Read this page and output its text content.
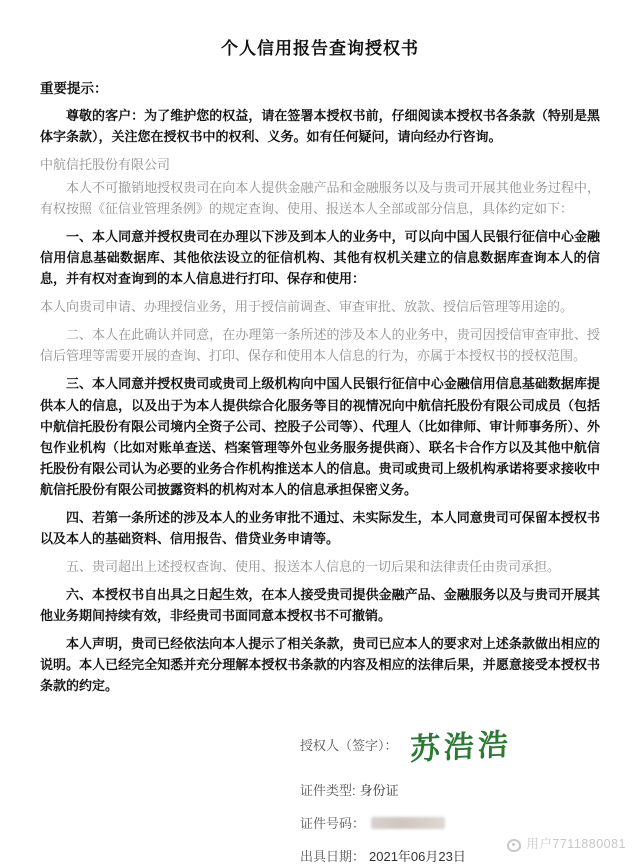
个人信用报告查询授权书

重要提示：

尊敬的客户：为了维护您的权益，请在签署本授权书前，仔细阅读本授权书各条款（特别是黑体字条款），关注您在授权书中的权利、义务。如有任何疑问，请向经办行咨询。

中航信托股份有限公司

本人不可撤销地授权贵司在向本人提供金融产品和金融服务以及与贵司开展其他业务过程中，有权按照《征信业管理条例》的规定查询、使用、报送本人全部或部分信息，具体约定如下：

一、本人同意并授权贵司在办理以下涉及到本人的业务中，可以向中国人民银行征信中心金融信用信息基础数据库、其他依法设立的征信机构、其他有权机关建立的信息数据库查询本人的信息，并有权对查询到的本人信息进行打印、保存和使用：

本人向贵司申请、办理授信业务，用于授信前调查、审查审批、放款、授信后管理等用途的。

二、本人在此确认并同意，在办理第一条所述的涉及本人的业务中，贵司因授信审查审批、授信后管理等需要开展的查询、打印、保存和使用本人信息的行为，亦属于本授权书的授权范围。

三、本人同意并授权贵司或贵司上级机构向中国人民银行征信中心金融信用信息基础数据库提供本人的信息，以及出于为本人提供综合化服务等目的视情况向中航信托股份有限公司成员（包括中航信托股份有限公司境内全资子公司、控股子公司等）、代理人（比如律师、审计师事务所）、外包作业机构（比如对账单查送、档案管理等外包业务服务提供商）、联名卡合作方以及其他中航信托股份有限公司认为必要的业务合作机构推送本人的信息。贵司或贵司上级机构承诺将要求接收中航信托股份有限公司披露资料的机构对本人的信息承担保密义务。

四、若第一条所述的涉及本人的业务审批不通过、未实际发生，本人同意贵司可保留本授权书以及本人的基础资料、信用报告、借贷业务申请等。

五、贵司超出上述授权查询、使用、报送本人信息的一切后果和法律责任由贵司承担。

六、本授权书自出具之日起生效，在本人接受贵司提供金融产品、金融服务以及与贵司开展其他业务期间持续有效，非经贵司书面同意本授权书不可撤销。

本人声明，贵司已经依法向本人提示了相关条款，贵司已应本人的要求对上述条款做出相应的说明。本人已经完全知悉并充分理解本授权书条款的内容及相应的法律后果，并愿意接受本授权书条款的约定。

授权人（签字）： 苏浩浩
证件类型: 身份证
证件号码：
出具日期： 2021年06月23日
用户7711880081
